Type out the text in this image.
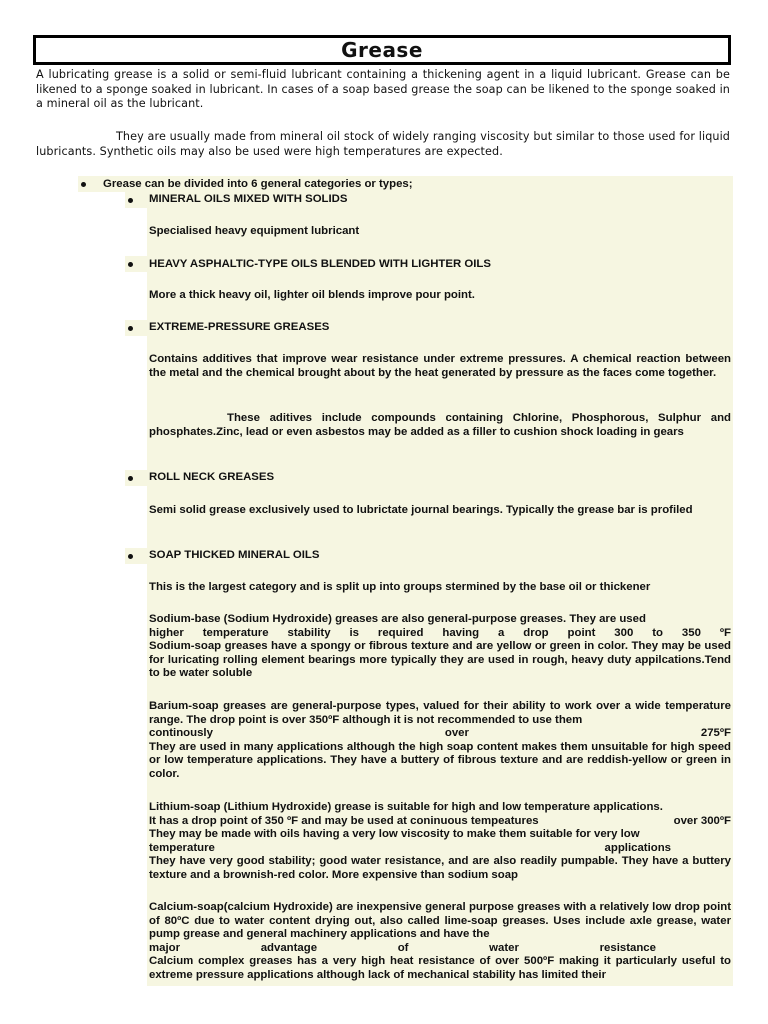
Grease
A lubricating grease is a solid or semi-fluid lubricant containing a thickening agent in a liquid lubricant. Grease can be likened to a sponge soaked in lubricant. In cases of a soap based grease the soap can be likened to the sponge soaked in a mineral oil as the lubricant.
They are usually made from mineral oil stock of widely ranging viscosity but similar to those used for liquid lubricants. Synthetic oils may also be used were high temperatures are expected.
Grease can be divided into 6 general categories or types;
MINERAL OILS MIXED WITH SOLIDS
Specialised heavy equipment lubricant
HEAVY ASPHALTIC-TYPE OILS BLENDED WITH LIGHTER OILS
More a thick heavy oil, lighter oil blends improve pour point.
EXTREME-PRESSURE GREASES
Contains additives that improve wear resistance under extreme pressures. A chemical reaction between the metal and the chemical brought about by the heat generated by pressure as the faces come together.
These aditives include compounds containing Chlorine, Phosphorous, Sulphur and phosphates.Zinc, lead or even asbestos may be added as a filler to cushion shock loading in gears
ROLL NECK GREASES
Semi solid grease exclusively used to lubrictate journal bearings. Typically the grease bar is profiled
SOAP THICKED MINERAL OILS
This is the largest category and is split up into groups stermined by the base oil or thickener
Sodium-base (Sodium Hydroxide) greases are also general-purpose greases. They are used
higher temperature stability is required having a drop point 300 to 350 ºF
Sodium-soap greases have a spongy or fibrous texture and are yellow or green in color. They may be used for luricating rolling element bearings more typically they are used in rough, heavy duty appilcations.Tend to be water soluble
Barium-soap greases are general-purpose types, valued for their ability to work over a wide temperature range. The drop point is over 350ºF although it is not recommended to use them
continously	over	275ºF
They are used in many applications although the high soap content makes them unsuitable for high speed or low temperature applications. They have a buttery of fibrous texture and are reddish-yellow or green in color.
Lithium-soap (Lithium Hydroxide) grease is suitable for high and low temperature applications.
It has a drop point of 350 ºF and may be used at coninuous tempeatures	over 300ºF
They may be made with oils having a very low viscosity to make them suitable for very low
temperature	applications
They have very good stability; good water resistance, and are also readily pumpable. They have a buttery texture and a brownish-red color. More expensive than sodium soap
Calcium-soap(calcium Hydroxide) are inexpensive general purpose greases with a relatively low drop point of 80ºC due to water content drying out, also called lime-soap greases. Uses include axle grease, water pump grease and general machinery applications and have the
major	advantage	of	water	resistance
Calcium complex greases has a very high heat resistance of over 500ºF making it particularly useful to extreme pressure applications although lack of mechanical stability has limited their
